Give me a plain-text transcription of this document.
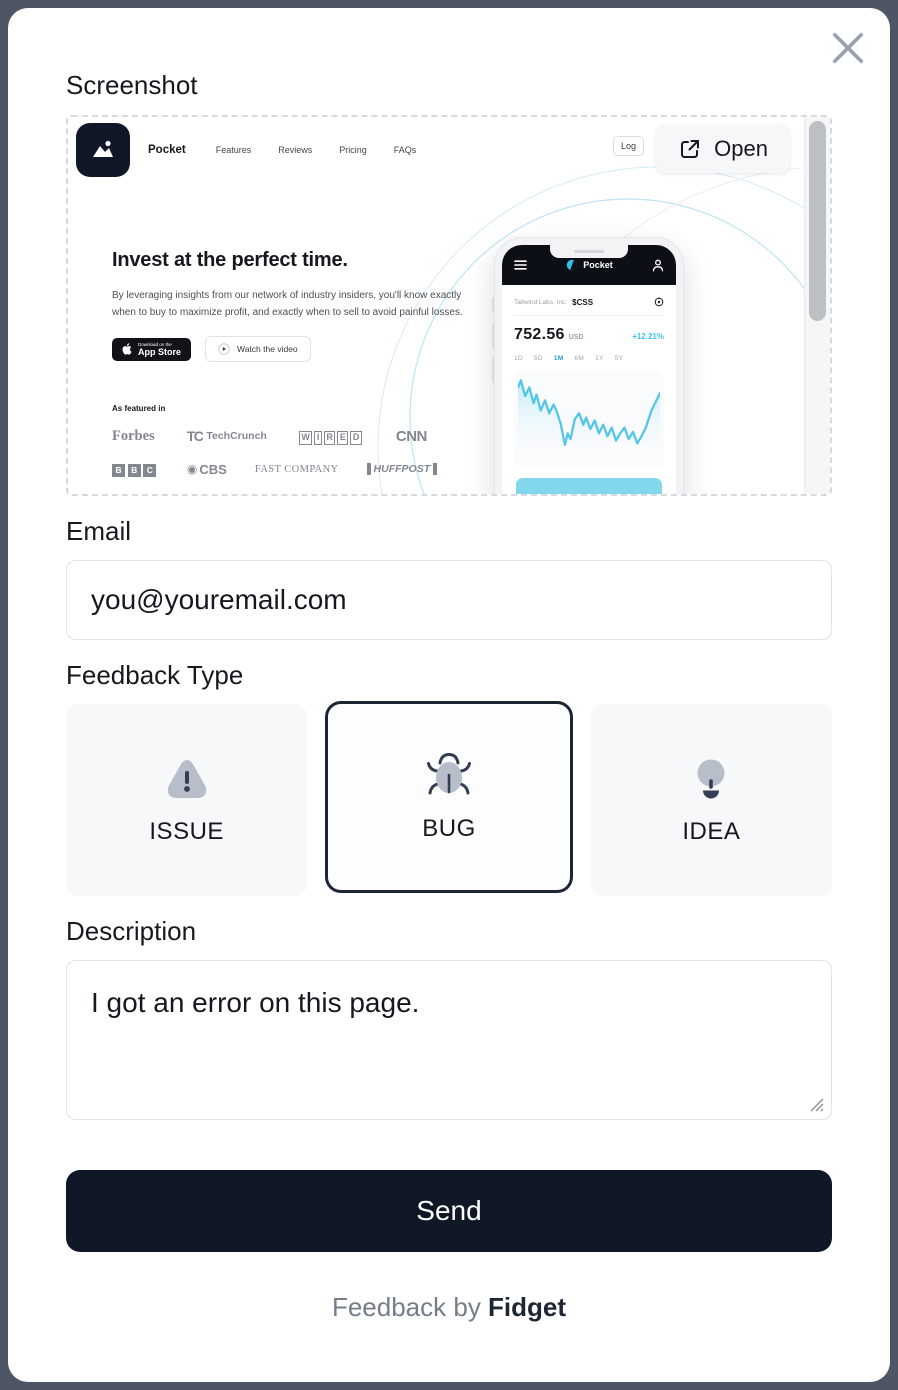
Screenshot
Open
Pocket	Features	Reviews	Pricing	FAQs	Log
Invest at the perfect time.
By leveraging insights from our network of industry insiders, you'll know exactly when to buy to maximize profit, and exactly when to sell to avoid painful losses.
Download on the
App Store	Watch the video
As featured in
Forbes TC TechCrunch	W I R E D	CNN
B B C	◉ CBS	FAST COMPANY	HUFFPOST
Pocket
Tailwind Labs, Inc. $CSS
752.56 USD	+12.21%
1D 5D 1M 6M 1Y 5Y
Email
you@youremail.com
Feedback Type
ISSUE	BUG	IDEA
Description
I got an error on this page.
Send
Feedback by Fidget
